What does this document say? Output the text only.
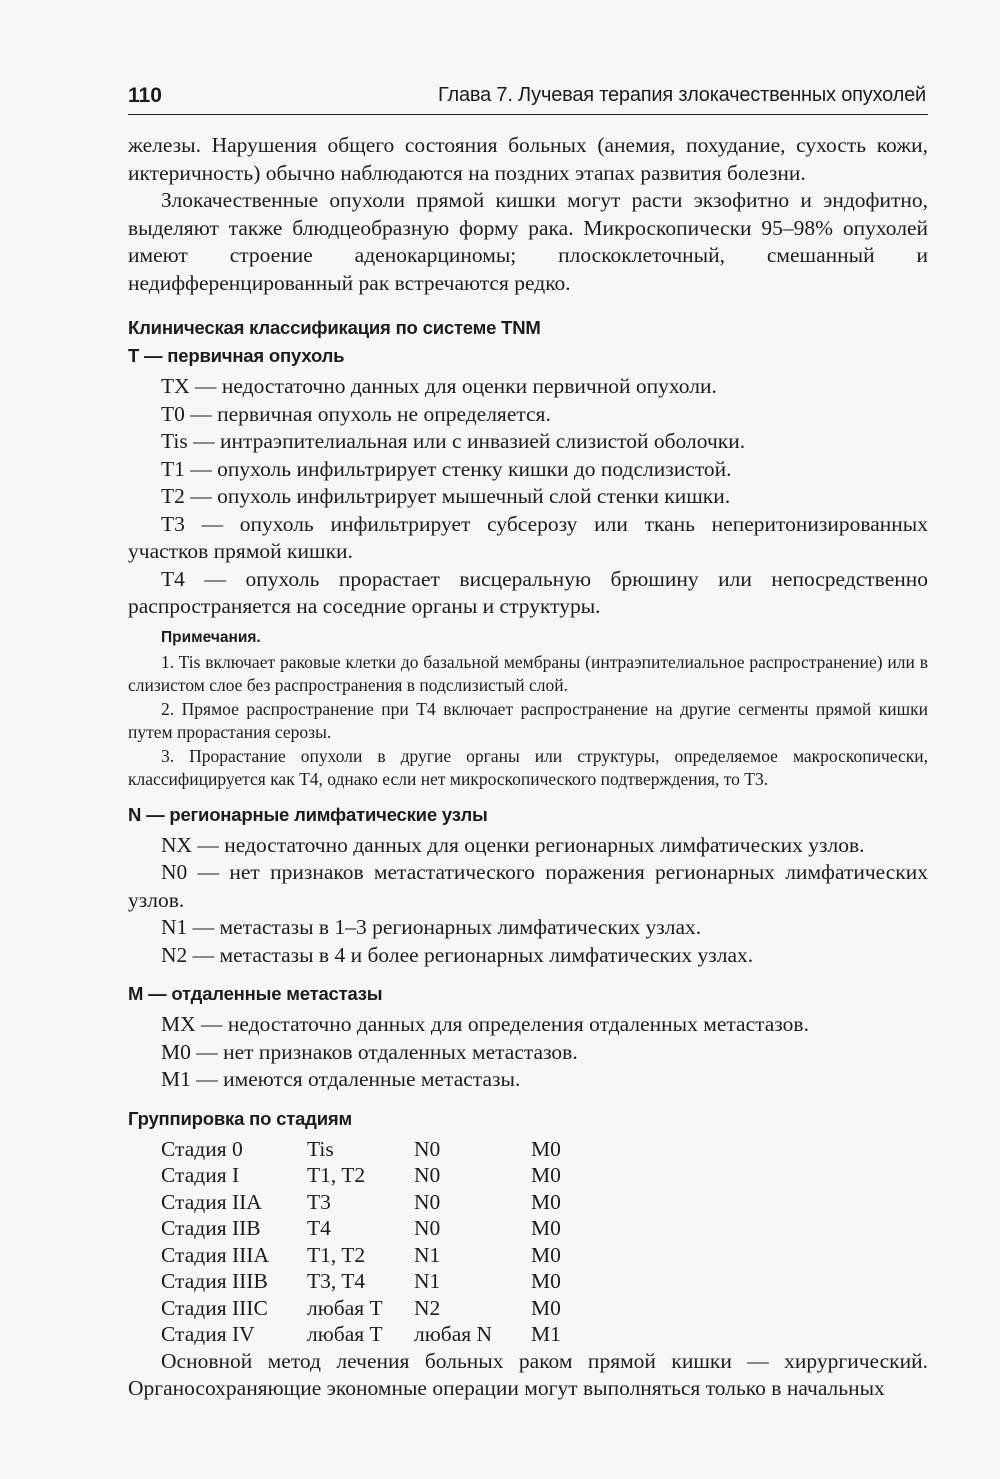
110	Глава 7. Лучевая терапия злокачественных опухолей

железы. Нарушения общего состояния больных (анемия, похудание, сухость кожи, иктеричность) обычно наблюдаются на поздних этапах развития болезни.

Злокачественные опухоли прямой кишки могут расти экзофитно и эндофитно, выделяют также блюдцеобразную форму рака. Микроскопически 95–98% опухолей имеют строение аденокарциномы; плоскоклеточный, смешанный и недифференцированный рак встречаются редко.

Клиническая классификация по системе TNM
T — первичная опухоль

TX — недостаточно данных для оценки первичной опухоли.

T0 — первичная опухоль не определяется.

Tis — интраэпителиальная или с инвазией слизистой оболочки.

T1 — опухоль инфильтрирует стенку кишки до подслизистой.

T2 — опухоль инфильтрирует мышечный слой стенки кишки.

T3 — опухоль инфильтрирует субсерозу или ткань неперитонизированных участков прямой кишки.

T4 — опухоль прорастает висцеральную брюшину или непосредственно распространяется на соседние органы и структуры.

Примечания.

1. Tis включает раковые клетки до базальной мембраны (интраэпителиальное распространение) или в слизистом слое без распространения в подслизистый слой.

2. Прямое распространение при T4 включает распространение на другие сегменты прямой кишки путем прорастания серозы.

3. Прорастание опухоли в другие органы или структуры, определяемое макроскопически, классифицируется как T4, однако если нет микроскопического подтверждения, то T3.

N — регионарные лимфатические узлы

NX — недостаточно данных для оценки регионарных лимфатических узлов.

N0 — нет признаков метастатического поражения регионарных лимфатических узлов.

N1 — метастазы в 1–3 регионарных лимфатических узлах.

N2 — метастазы в 4 и более регионарных лимфатических узлах.

M — отдаленные метастазы

MX — недостаточно данных для определения отдаленных метастазов.

M0 — нет признаков отдаленных метастазов.

M1 — имеются отдаленные метастазы.

Группировка по стадиям
Стадия 0	Tis	N0	M0
Стадия I	T1, T2	N0	M0
Стадия IIA	T3	N0	M0
Стадия IIB	T4	N0	M0
Стадия IIIA	T1, T2	N1	M0
Стадия IIIB	T3, T4	N1	M0
Стадия IIIC	любая T	N2	M0
Стадия IV	любая T	любая N	M1

Основной метод лечения больных раком прямой кишки — хирургический. Органосохраняющие экономные операции могут выполняться только в начальных
